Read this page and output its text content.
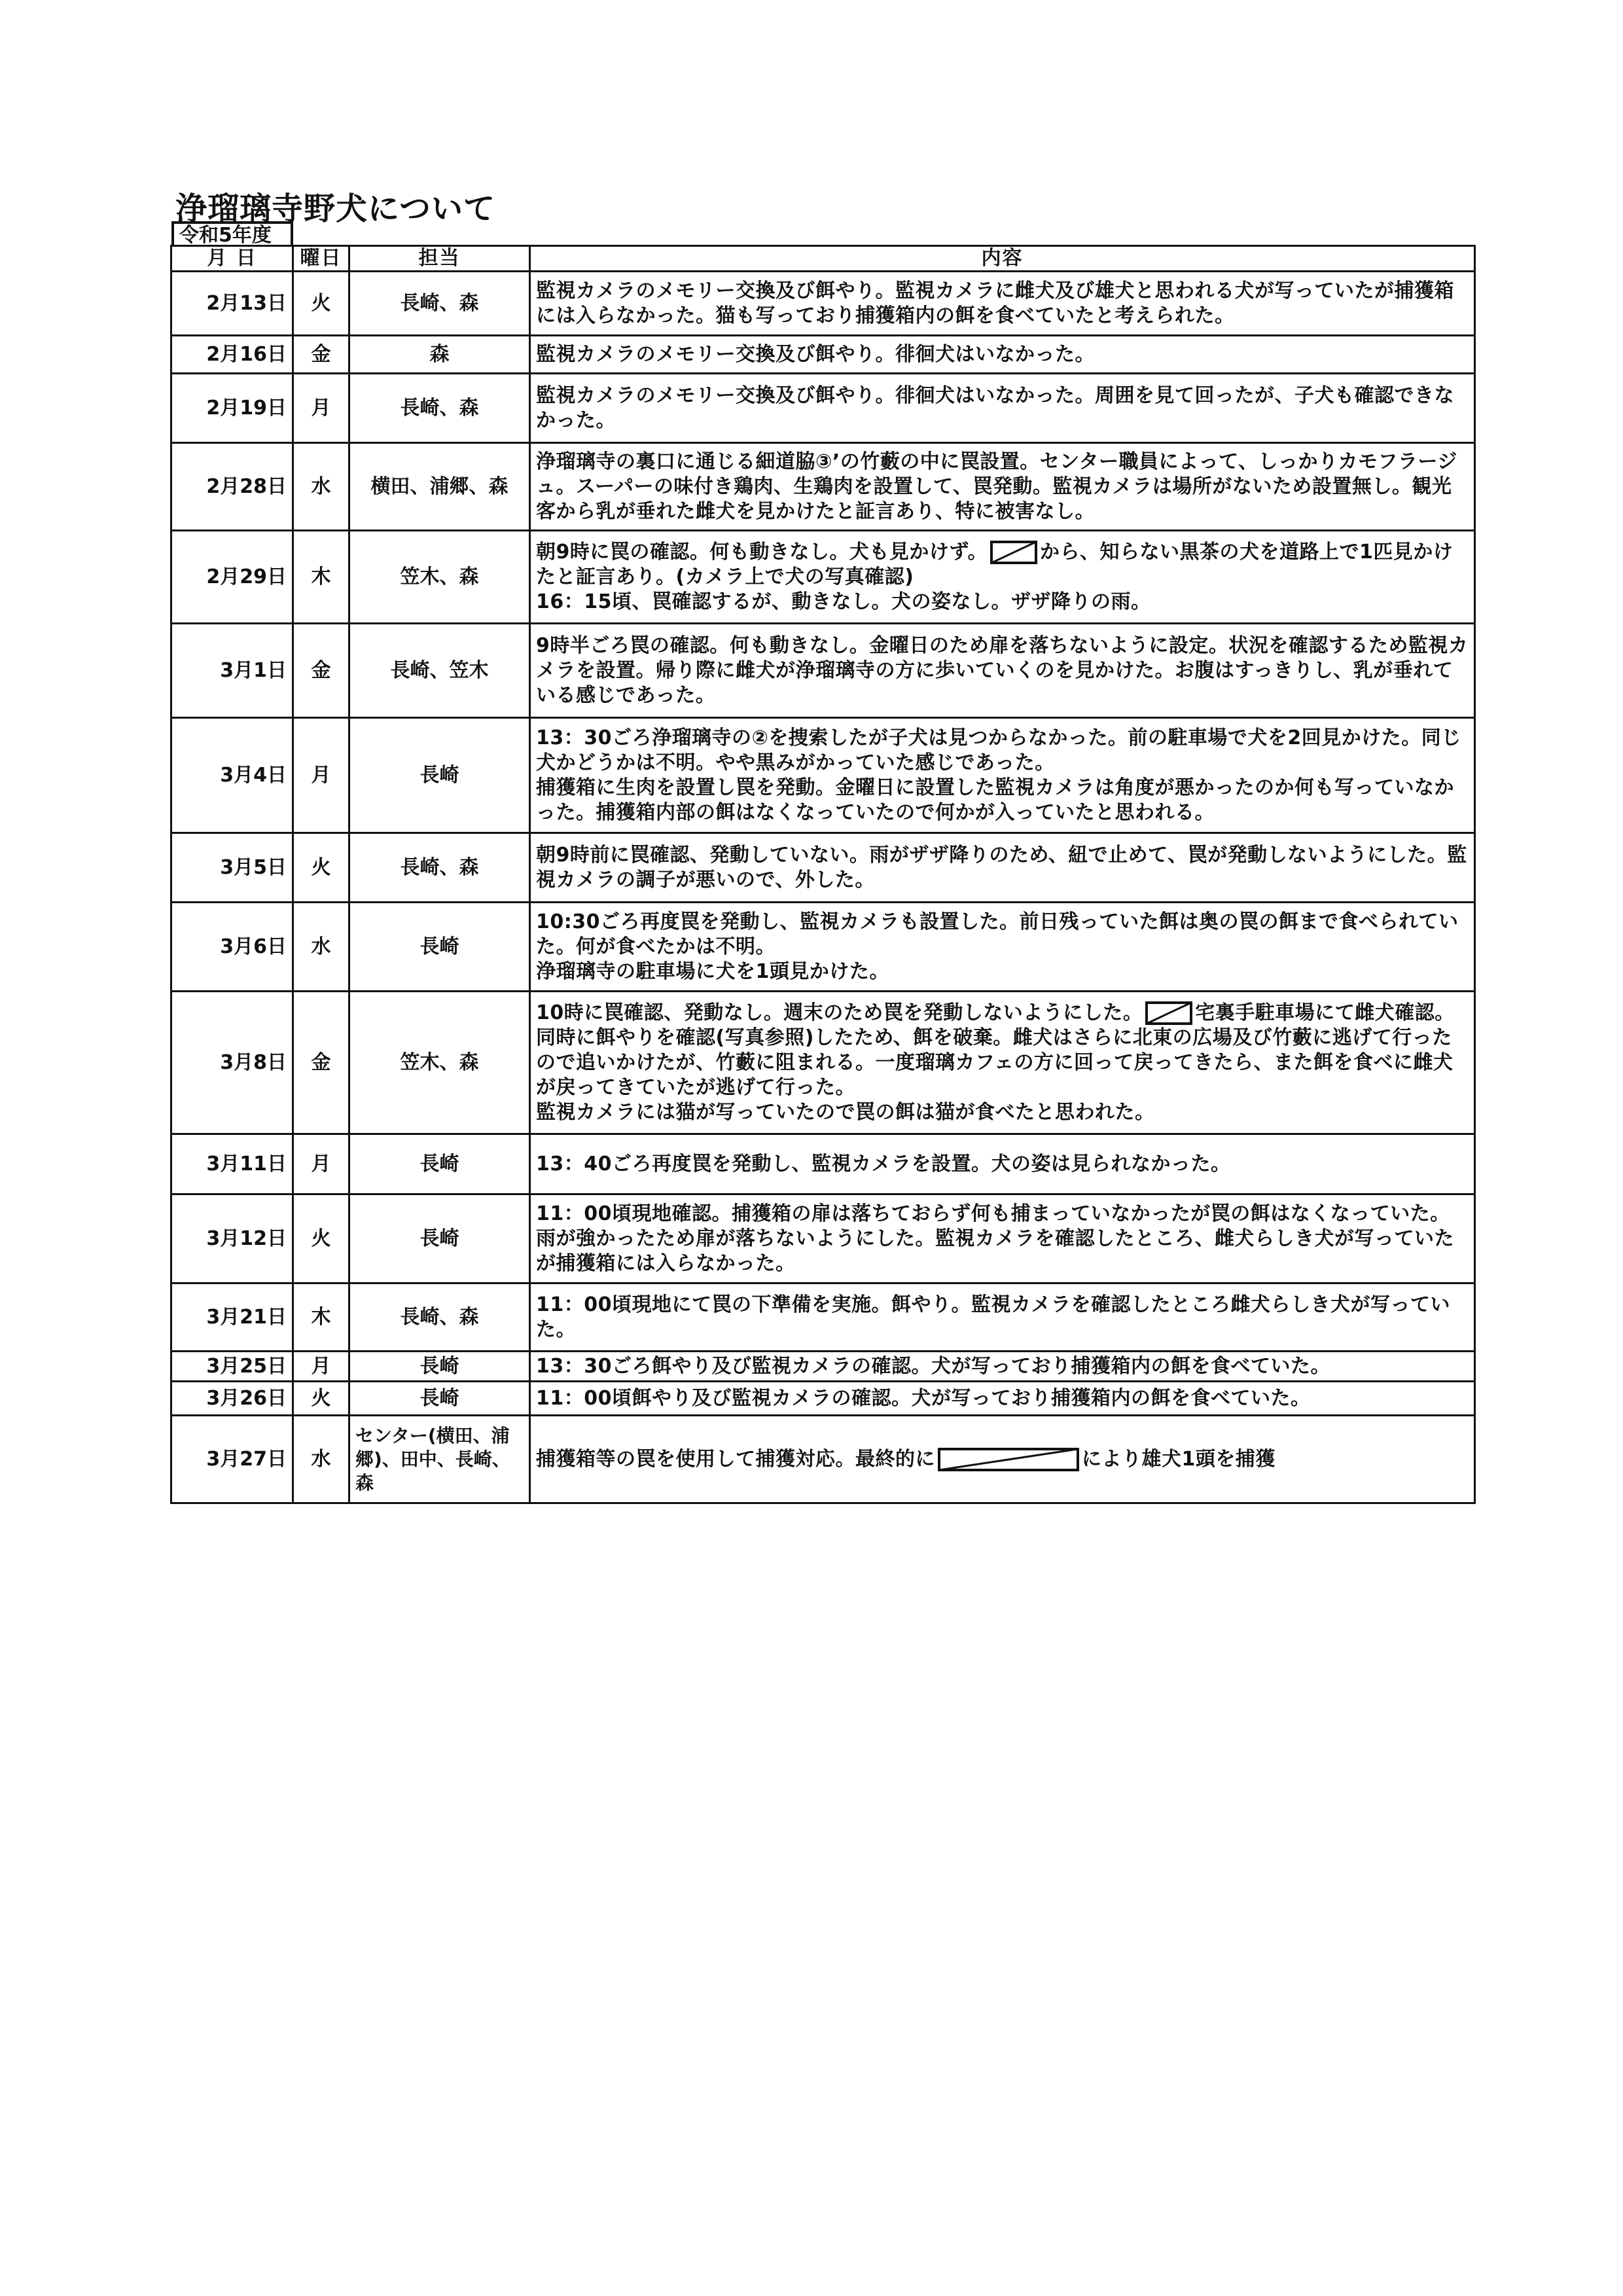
浄瑠璃寺野犬について
令和5年度
月 日	曜日	担当	内容
2月13日	火	長崎、森	監視カメラのメモリー交換及び餌やり。監視カメラに雌犬及び雄犬と思われる犬が写っていたが捕獲箱には入らなかった。猫も写っており捕獲箱内の餌を食べていたと考えられた。
2月16日	金	森	監視カメラのメモリー交換及び餌やり。徘徊犬はいなかった。
2月19日	月	長崎、森	監視カメラのメモリー交換及び餌やり。徘徊犬はいなかった。周囲を見て回ったが、子犬も確認できなかった。
2月28日	水	横田、浦郷、森	浄瑠璃寺の裏口に通じる細道脇③’の竹藪の中に罠設置。センター職員によって、しっかりカモフラージュ。スーパーの味付き鶏肉、生鶏肉を設置して、罠発動。監視カメラは場所がないため設置無し。観光客から乳が垂れた雌犬を見かけたと証言あり、特に被害なし。
2月29日	木	笠木、森	朝9時に罠の確認。何も動きなし。犬も見かけず。 から、知らない黒茶の犬を道路上で1匹見かけたと証言あり。(カメラ上で犬の写真確認)
16：15頃、罠確認するが、動きなし。犬の姿なし。ザザ降りの雨。
3月1日	金	長崎、笠木	9時半ごろ罠の確認。何も動きなし。金曜日のため扉を落ちないように設定。状況を確認するため監視カメラを設置。帰り際に雌犬が浄瑠璃寺の方に歩いていくのを見かけた。お腹はすっきりし、乳が垂れている感じであった。
3月4日	月	長崎	13：30ごろ浄瑠璃寺の②を捜索したが子犬は見つからなかった。前の駐車場で犬を2回見かけた。同じ犬かどうかは不明。やや黒みがかっていた感じであった。
捕獲箱に生肉を設置し罠を発動。金曜日に設置した監視カメラは角度が悪かったのか何も写っていなかった。捕獲箱内部の餌はなくなっていたので何かが入っていたと思われる。
3月5日	火	長崎、森	朝9時前に罠確認、発動していない。雨がザザ降りのため、紐で止めて、罠が発動しないようにした。監視カメラの調子が悪いので、外した。
3月6日	水	長崎	10:30ごろ再度罠を発動し、監視カメラも設置した。前日残っていた餌は奥の罠の餌まで食べられていた。何が食べたかは不明。
浄瑠璃寺の駐車場に犬を1頭見かけた。
3月8日	金	笠木、森	10時に罠確認、発動なし。週末のため罠を発動しないようにした。 宅裏手駐車場にて雌犬確認。同時に餌やりを確認(写真参照)したため、餌を破棄。雌犬はさらに北東の広場及び竹藪に逃げて行ったので追いかけたが、竹藪に阻まれる。一度瑠璃カフェの方に回って戻ってきたら、また餌を食べに雌犬が戻ってきていたが逃げて行った。
監視カメラには猫が写っていたので罠の餌は猫が食べたと思われた。
3月11日	月	長崎	13：40ごろ再度罠を発動し、監視カメラを設置。犬の姿は見られなかった。
3月12日	火	長崎	11：00頃現地確認。捕獲箱の扉は落ちておらず何も捕まっていなかったが罠の餌はなくなっていた。雨が強かったため扉が落ちないようにした。監視カメラを確認したところ、雌犬らしき犬が写っていたが捕獲箱には入らなかった。
3月21日	木	長崎、森	11：00頃現地にて罠の下準備を実施。餌やり。監視カメラを確認したところ雌犬らしき犬が写っていた。
3月25日	月	長崎	13：30ごろ餌やり及び監視カメラの確認。犬が写っており捕獲箱内の餌を食べていた。
3月26日	火	長崎	11：00頃餌やり及び監視カメラの確認。犬が写っており捕獲箱内の餌を食べていた。
3月27日	水	センター(横田、浦郷)、田中、長崎、森	捕獲箱等の罠を使用して捕獲対応。最終的に により雄犬1頭を捕獲
